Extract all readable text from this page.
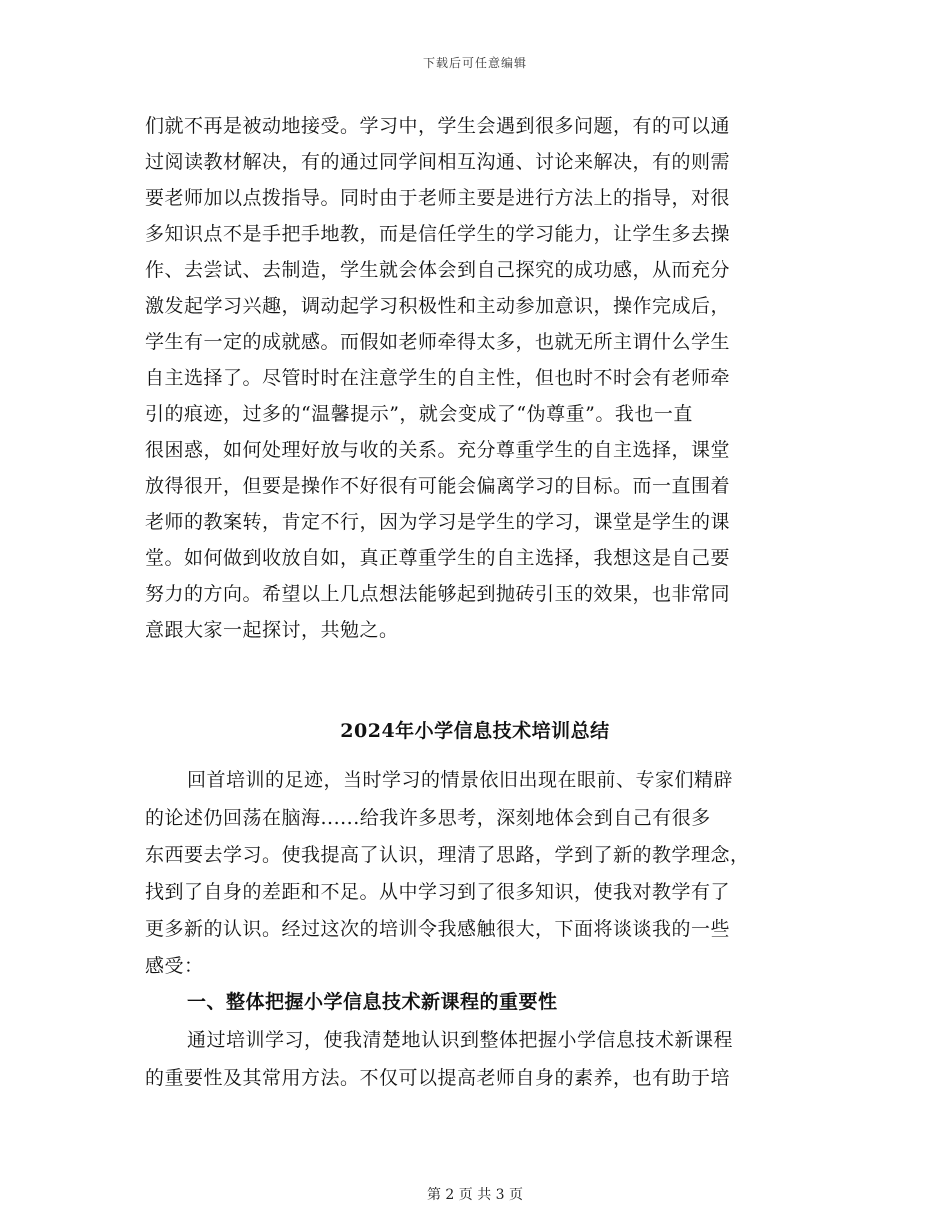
下载后可任意编辑
们就不再是被动地接受。学习中，学生会遇到很多问题，有的可以通
过阅读教材解决，有的通过同学间相互沟通、讨论来解决，有的则需
要老师加以点拨指导。同时由于老师主要是进行方法上的指导，对很
多知识点不是手把手地教，而是信任学生的学习能力，让学生多去操
作、去尝试、去制造，学生就会体会到自己探究的成功感，从而充分
激发起学习兴趣，调动起学习积极性和主动参加意识，操作完成后，
学生有一定的成就感。而假如老师牵得太多，也就无所主谓什么学生
自主选择了。尽管时时在注意学生的自主性，但也时不时会有老师牵
引的痕迹，过多的“温馨提示”，就会变成了“伪尊重”。我也一直
很困惑，如何处理好放与收的关系。充分尊重学生的自主选择，课堂
放得很开，但要是操作不好很有可能会偏离学习的目标。而一直围着
老师的教案转，肯定不行，因为学习是学生的学习，课堂是学生的课
堂。如何做到收放自如，真正尊重学生的自主选择，我想这是自己要
努力的方向。希望以上几点想法能够起到抛砖引玉的效果，也非常同
意跟大家一起探讨，共勉之。
2024年小学信息技术培训总结
回首培训的足迹，当时学习的情景依旧出现在眼前、专家们精辟
的论述仍回荡在脑海......给我许多思考，深刻地体会到自己有很多
东西要去学习。使我提高了认识，理清了思路，学到了新的教学理念，
找到了自身的差距和不足。从中学习到了很多知识，使我对教学有了
更多新的认识。经过这次的培训令我感触很大，下面将谈谈我的一些
感受：
一、整体把握小学信息技术新课程的重要性
通过培训学习，使我清楚地认识到整体把握小学信息技术新课程
的重要性及其常用方法。不仅可以提高老师自身的素养，也有助于培
第 2 页 共 3 页
